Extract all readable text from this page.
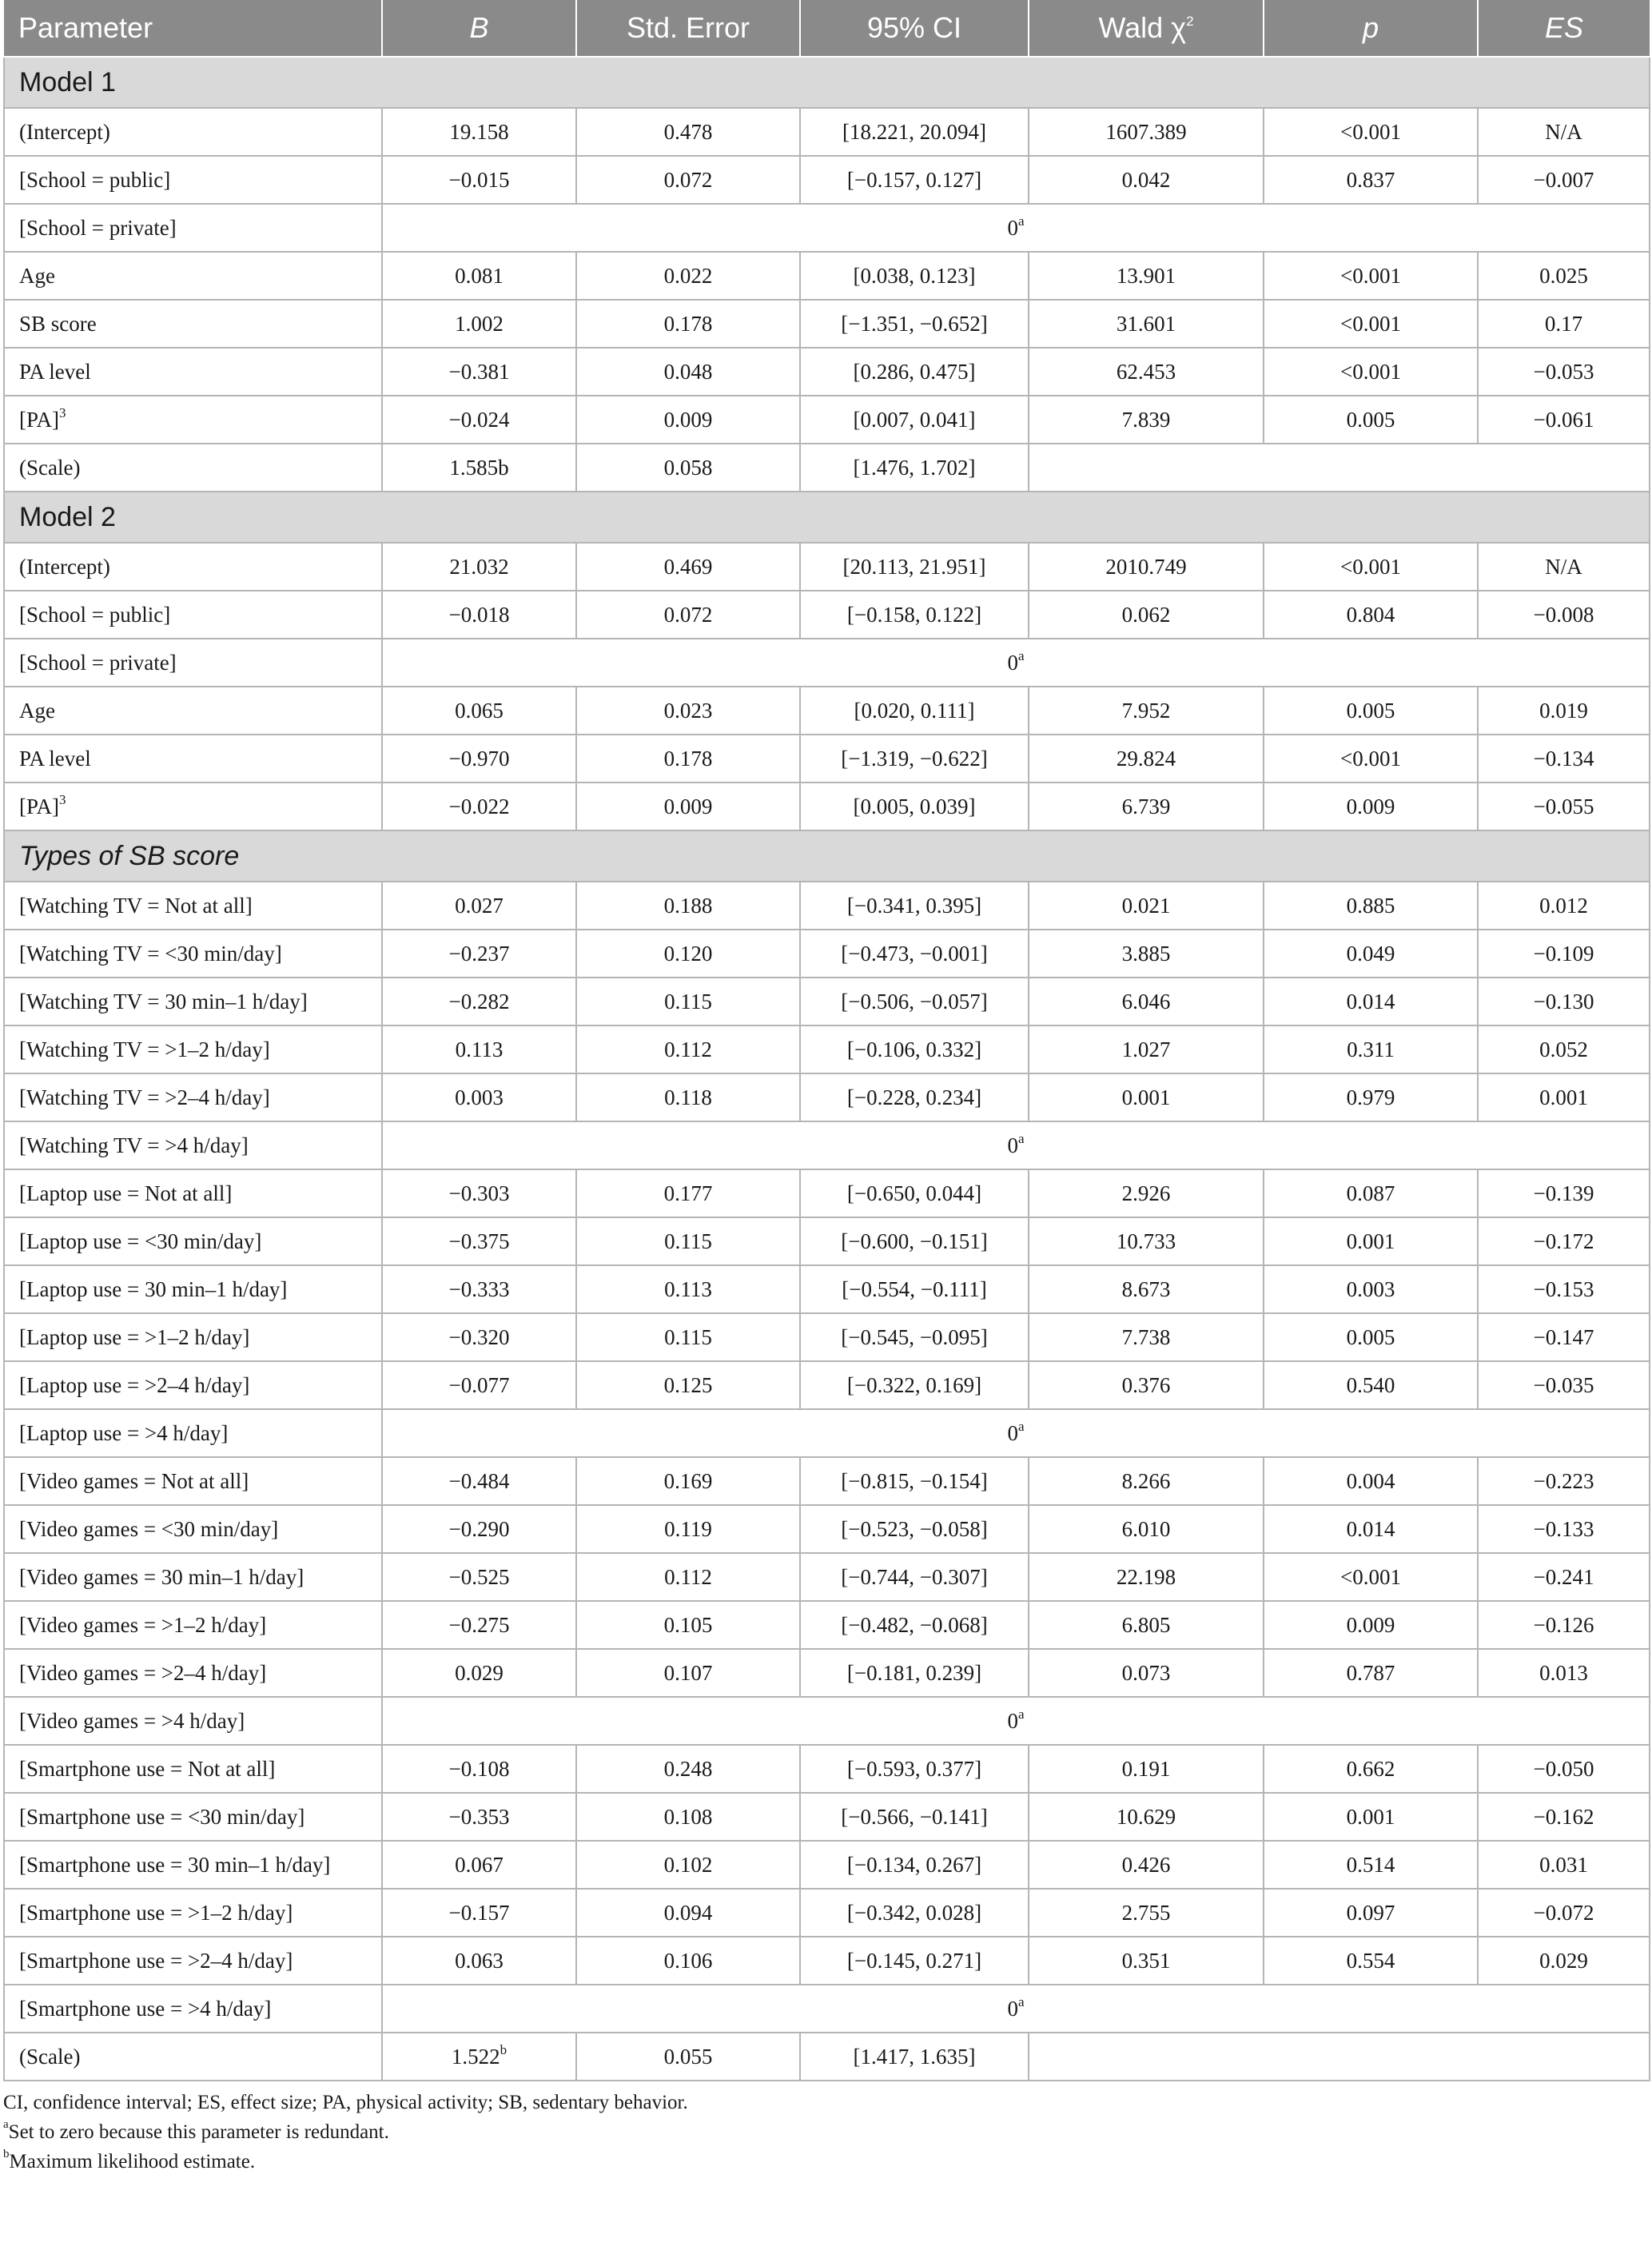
Parameter	B	Std. Error	95% CI	Wald $\chi^2$	p	ES
Model 1						
(Intercept)	19.158	0.478	[18.221, 20.094]	1607.389	<0.001	N/A
[School = public]	−0.015	0.072	[−0.157, 0.127]	0.042	0.837	−0.007
[School = private]	0$^a$
Age	0.081	0.022	[0.038, 0.123]	13.901	<0.001	0.025
SB score	1.002	0.178	[−1.351, −0.652]	31.601	<0.001	0.17
PA level	−0.381	0.048	[0.286, 0.475]	62.453	<0.001	−0.053
[PA]$^3$	−0.024	0.009	[0.007, 0.041]	7.839	0.005	−0.061
(Scale)	1.585b	0.058	[1.476, 1.702]			
Model 2						
(Intercept)	21.032	0.469	[20.113, 21.951]	2010.749	<0.001	N/A
[School = public]	−0.018	0.072	[−0.158, 0.122]	0.062	0.804	−0.008
[School = private]	0$^a$
Age	0.065	0.023	[0.020, 0.111]	7.952	0.005	0.019
PA level	−0.970	0.178	[−1.319, −0.622]	29.824	<0.001	−0.134
[PA]$^3$	−0.022	0.009	[0.005, 0.039]	6.739	0.009	−0.055
Types of SB score						
[Watching TV = Not at all]	0.027	0.188	[−0.341, 0.395]	0.021	0.885	0.012
[Watching TV = <30 min/day]	−0.237	0.120	[−0.473, −0.001]	3.885	0.049	−0.109
[Watching TV = 30 min–1 h/day]	−0.282	0.115	[−0.506, −0.057]	6.046	0.014	−0.130
[Watching TV = >1–2 h/day]	0.113	0.112	[−0.106, 0.332]	1.027	0.311	0.052
[Watching TV = >2–4 h/day]	0.003	0.118	[−0.228, 0.234]	0.001	0.979	0.001
[Watching TV = >4 h/day]	0$^a$
[Laptop use = Not at all]	−0.303	0.177	[−0.650, 0.044]	2.926	0.087	−0.139
[Laptop use = <30 min/day]	−0.375	0.115	[−0.600, −0.151]	10.733	0.001	−0.172
[Laptop use = 30 min–1 h/day]	−0.333	0.113	[−0.554, −0.111]	8.673	0.003	−0.153
[Laptop use = >1–2 h/day]	−0.320	0.115	[−0.545, −0.095]	7.738	0.005	−0.147
[Laptop use = >2–4 h/day]	−0.077	0.125	[−0.322, 0.169]	0.376	0.540	−0.035
[Laptop use = >4 h/day]	0$^a$
[Video games = Not at all]	−0.484	0.169	[−0.815, −0.154]	8.266	0.004	−0.223
[Video games = <30 min/day]	−0.290	0.119	[−0.523, −0.058]	6.010	0.014	−0.133
[Video games = 30 min–1 h/day]	−0.525	0.112	[−0.744, −0.307]	22.198	<0.001	−0.241
[Video games = >1–2 h/day]	−0.275	0.105	[−0.482, −0.068]	6.805	0.009	−0.126
[Video games = >2–4 h/day]	0.029	0.107	[−0.181, 0.239]	0.073	0.787	0.013
[Video games = >4 h/day]	0$^a$
[Smartphone use = Not at all]	−0.108	0.248	[−0.593, 0.377]	0.191	0.662	−0.050
[Smartphone use = <30 min/day]	−0.353	0.108	[−0.566, −0.141]	10.629	0.001	−0.162
[Smartphone use = 30 min–1 h/day]	0.067	0.102	[−0.134, 0.267]	0.426	0.514	0.031
[Smartphone use = >1–2 h/day]	−0.157	0.094	[−0.342, 0.028]	2.755	0.097	−0.072
[Smartphone use = >2–4 h/day]	0.063	0.106	[−0.145, 0.271]	0.351	0.554	0.029
[Smartphone use = >4 h/day]	0$^a$
(Scale)	1.522$^b$	0.055	[1.417, 1.635]			

CI, confidence interval; ES, effect size; PA, physical activity; SB, sedentary behavior.

$^a$Set to zero because this parameter is redundant.

$^b$Maximum likelihood estimate.
